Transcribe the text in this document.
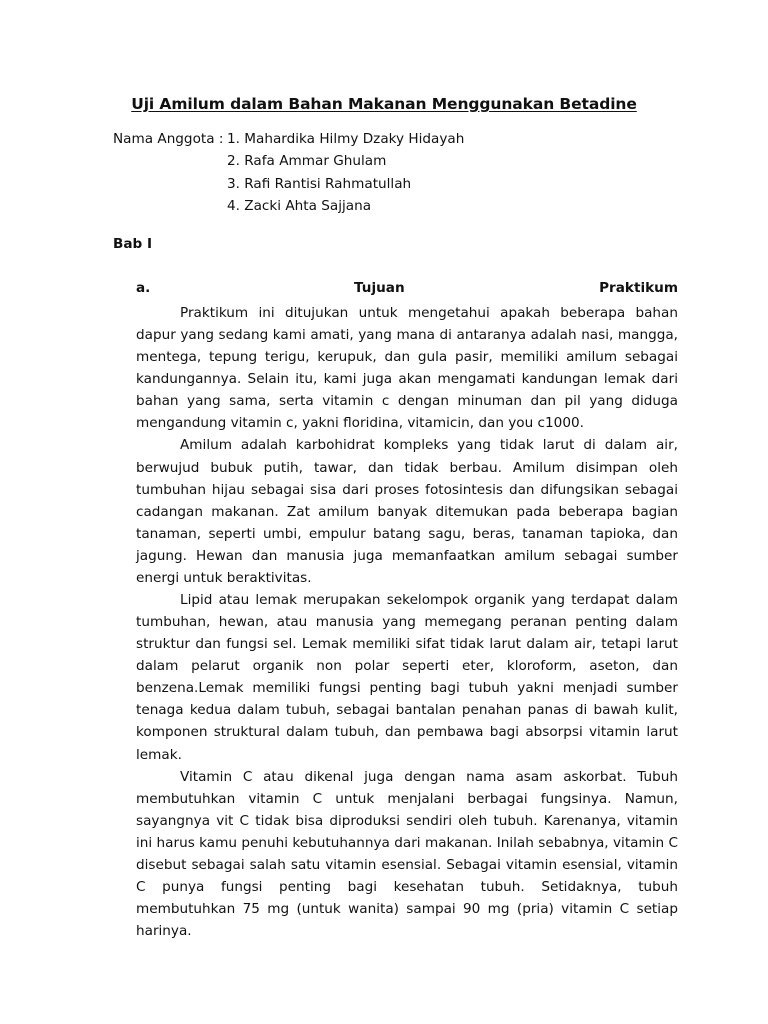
Uji Amilum dalam Bahan Makanan Menggunakan Betadine
Nama Anggota : 1. Mahardika Hilmy Dzaky Hidayah
2. Rafa Ammar Ghulam
3. Rafi Rantisi Rahmatullah
4. Zacki Ahta Sajjana
Bab I
a.	Tujuan	Praktikum

Praktikum ini ditujukan untuk mengetahui apakah beberapa bahan dapur yang sedang kami amati, yang mana di antaranya adalah nasi, mangga, mentega, tepung terigu, kerupuk, dan gula pasir, memiliki amilum sebagai kandungannya. Selain itu, kami juga akan mengamati kandungan lemak dari bahan yang sama, serta vitamin c dengan minuman dan pil yang diduga mengandung vitamin c, yakni floridina, vitamicin, dan you c1000.

Amilum adalah karbohidrat kompleks yang tidak larut di dalam air, berwujud bubuk putih, tawar, dan tidak berbau. Amilum disimpan oleh tumbuhan hijau sebagai sisa dari proses fotosintesis dan difungsikan sebagai cadangan makanan. Zat amilum banyak ditemukan pada beberapa bagian tanaman, seperti umbi, empulur batang sagu, beras, tanaman tapioka, dan jagung. Hewan dan manusia juga memanfaatkan amilum sebagai sumber energi untuk beraktivitas.

Lipid atau lemak merupakan sekelompok organik yang terdapat dalam tumbuhan, hewan, atau manusia yang memegang peranan penting dalam struktur dan fungsi sel. Lemak memiliki sifat tidak larut dalam air, tetapi larut dalam pelarut organik non polar seperti eter, kloroform, aseton, dan benzena.Lemak memiliki fungsi penting bagi tubuh yakni menjadi sumber tenaga kedua dalam tubuh, sebagai bantalan penahan panas di bawah kulit, komponen struktural dalam tubuh, dan pembawa bagi absorpsi vitamin larut lemak.

Vitamin C atau dikenal juga dengan nama asam askorbat. Tubuh membutuhkan vitamin C untuk menjalani berbagai fungsinya. Namun, sayangnya vit C tidak bisa diproduksi sendiri oleh tubuh. Karenanya, vitamin ini harus kamu penuhi kebutuhannya dari makanan. Inilah sebabnya, vitamin C disebut sebagai salah satu vitamin esensial. Sebagai vitamin esensial, vitamin C punya fungsi penting bagi kesehatan tubuh. Setidaknya, tubuh membutuhkan 75 mg (untuk wanita) sampai 90 mg (pria) vitamin C setiap harinya.
